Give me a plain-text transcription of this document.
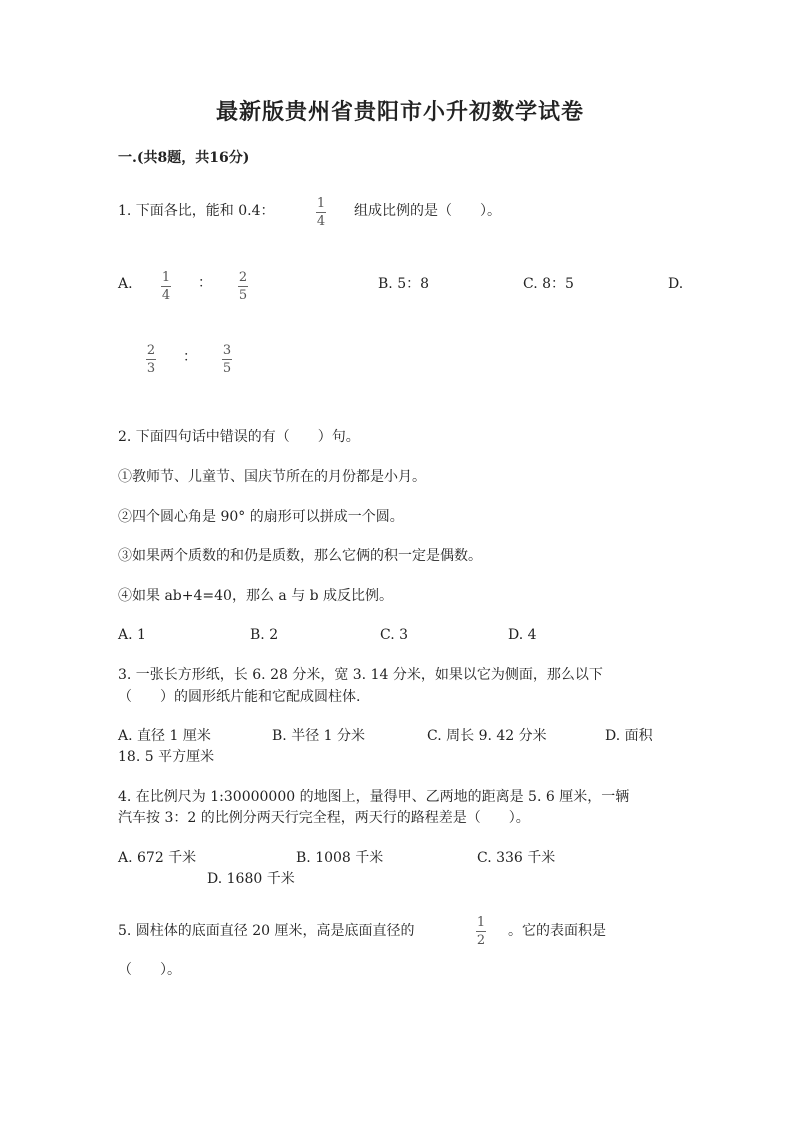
最新版贵州省贵阳市小升初数学试卷
一.(共8题，共16分)
1. 下面各比，能和 0.4：	1
4
组成比例的是（　　）。
A. 1
4
： 2
5
B. 5：8	C. 8：5	D.
2
3
： 3
5
2. 下面四句话中错误的有（　　）句。
①教师节、儿童节、国庆节所在的月份都是小月。
②四个圆心角是 90° 的扇形可以拼成一个圆。
③如果两个质数的和仍是质数，那么它俩的积一定是偶数。
④如果 ab+4=40，那么 a 与 b 成反比例。
A. 1	B. 2	C. 3	D. 4
3. 一张长方形纸，长 6. 28 分米，宽 3. 14 分米，如果以它为侧面，那么以下
（　　）的圆形纸片能和它配成圆柱体.
A. 直径 1 厘米	B. 半径 1 分米	C. 周长 9. 42 分米	D. 面积
18. 5 平方厘米
4. 在比例尺为 1:30000000 的地图上，量得甲、乙两地的距离是 5. 6 厘米，一辆
汽车按 3：2 的比例分两天行完全程，两天行的路程差是（　　）。
A. 672 千米	B. 1008 千米	C. 336 千米
D. 1680 千米
5. 圆柱体的底面直径 20 厘米，高是底面直径的
1
2
。它的表面积是
（　　）。
